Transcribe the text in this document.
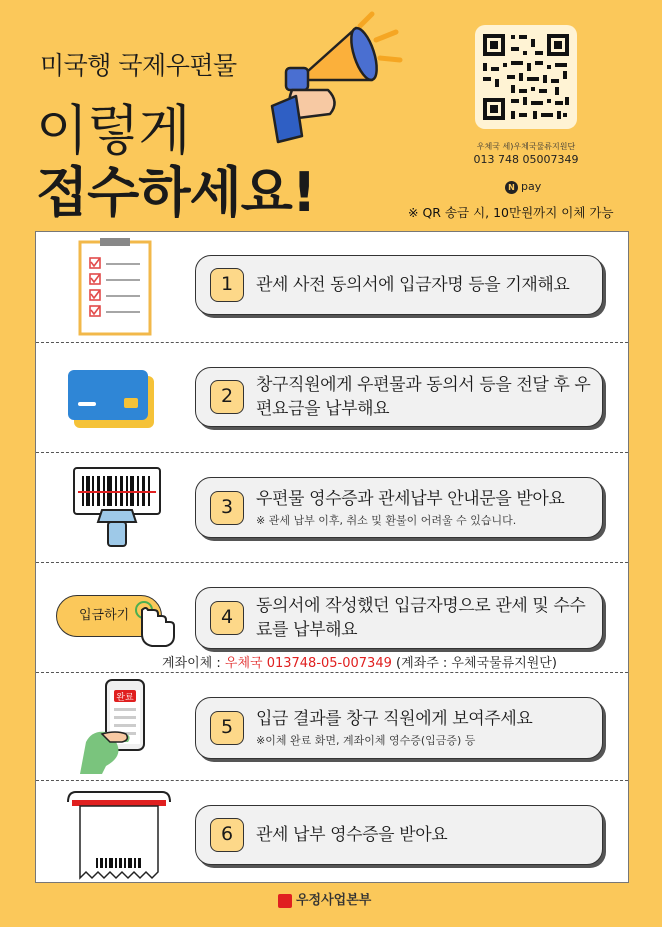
미국행 국제우편물
이렇게
접수하세요!
우체국 세)우체국물류지원단
013 748 05007349
N pay
※ QR 송금 시, 10만원까지 이체 가능
1	관세 사전 동의서에 입금자명 등을 기재해요
2	창구직원에게 우편물과 동의서 등을 전달 후 우편요금을 납부해요
3	우편물 영수증과 관세납부 안내문을 받아요
※ 관세 납부 이후, 취소 및 환불이 어려울 수 있습니다.
입금하기	4	동의서에 작성했던 입금자명으로 관세 및 수수료를 납부해요
계좌이체 : 우체국 013748-05-007349 (계좌주 : 우체국물류지원단)
완료
5	입금 결과를 창구 직원에게 보여주세요
※이체 완료 화면, 계좌이체 영수증(입금증) 등
6	관세 납부 영수증을 받아요
우정사업본부
